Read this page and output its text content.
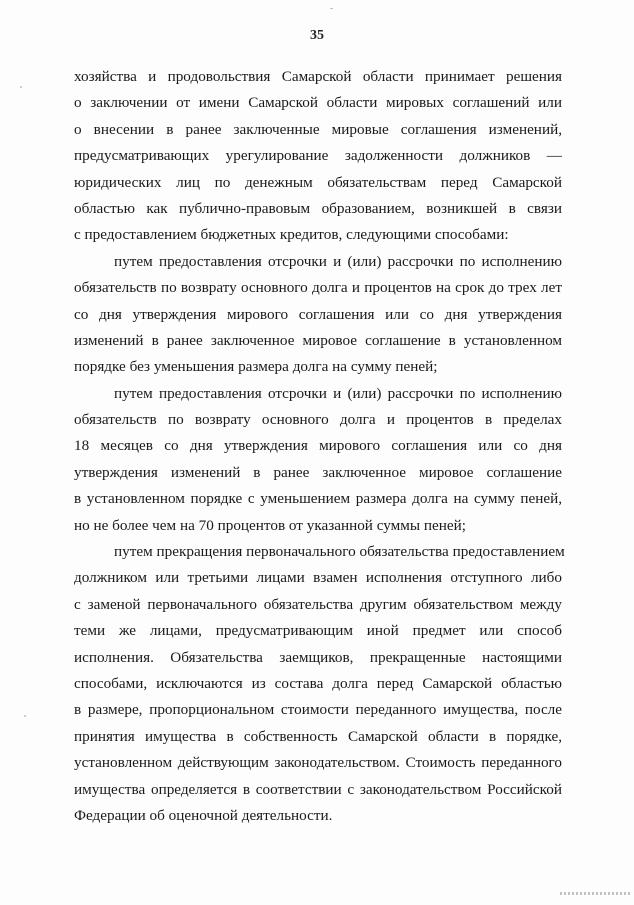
35
хозяйства и продовольствия Самарской области принимает решения
о заключении от имени Самарской области мировых соглашений или
о внесении в ранее заключенные мировые соглашения изменений,
предусматривающих урегулирование задолженности должников —
юридических лиц по денежным обязательствам перед Самарской
областью как публично-правовым образованием, возникшей в связи
с предоставлением бюджетных кредитов, следующими способами:
путем предоставления отсрочки и (или) рассрочки по исполнению
обязательств по возврату основного долга и процентов на срок до трех лет
со дня утверждения мирового соглашения или со дня утверждения
изменений в ранее заключенное мировое соглашение в установленном
порядке без уменьшения размера долга на сумму пеней;
путем предоставления отсрочки и (или) рассрочки по исполнению
обязательств по возврату основного долга и процентов в пределах
18 месяцев со дня утверждения мирового соглашения или со дня
утверждения изменений в ранее заключенное мировое соглашение
в установленном порядке с уменьшением размера долга на сумму пеней,
но не более чем на 70 процентов от указанной суммы пеней;
путем прекращения первоначального обязательства предоставлением
должником или третьими лицами взамен исполнения отступного либо
с заменой первоначального обязательства другим обязательством между
теми же лицами, предусматривающим иной предмет или способ
исполнения. Обязательства заемщиков, прекращенные настоящими
способами, исключаются из состава долга перед Самарской областью
в размере, пропорциональном стоимости переданного имущества, после
принятия имущества в собственность Самарской области в порядке,
установленном действующим законодательством. Стоимость переданного
имущества определяется в соответствии с законодательством Российской
Федерации об оценочной деятельности.
